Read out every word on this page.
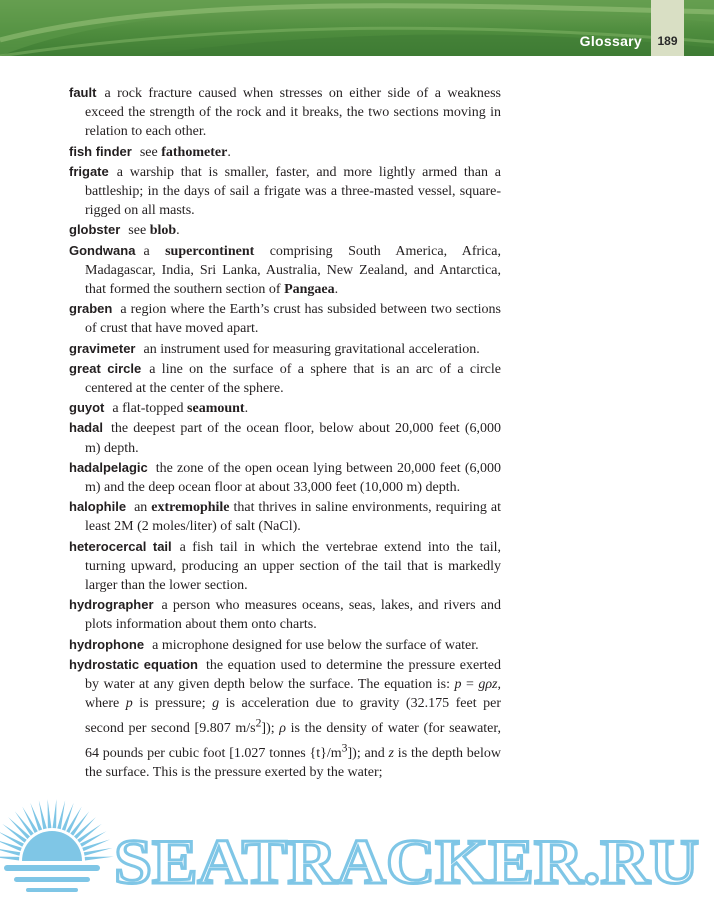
Glossary	189

fault a rock fracture caused when stresses on either side of a weakness exceed the strength of the rock and it breaks, the two sections moving in relation to each other.

fish finder see fathometer.

frigate a warship that is smaller, faster, and more lightly armed than a battleship; in the days of sail a frigate was a three-masted vessel, square-rigged on all masts.

globster see blob.

Gondwana a supercontinent comprising South America, Africa, Madagascar, India, Sri Lanka, Australia, New Zealand, and Antarctica, that formed the southern section of Pangaea.

graben a region where the Earth’s crust has subsided between two sections of crust that have moved apart.

gravimeter an instrument used for measuring gravitational acceleration.

great circle a line on the surface of a sphere that is an arc of a circle centered at the center of the sphere.

guyot a flat-topped seamount.

hadal the deepest part of the ocean floor, below about 20,000 feet (6,000 m) depth.

hadalpelagic the zone of the open ocean lying between 20,000 feet (6,000 m) and the deep ocean floor at about 33,000 feet (10,000 m) depth.

halophile an extremophile that thrives in saline environments, requiring at least 2M (2 moles/liter) of salt (NaCl).

heterocercal tail a fish tail in which the vertebrae extend into the tail, turning upward, producing an upper section of the tail that is markedly larger than the lower section.

hydrographer a person who measures oceans, seas, lakes, and rivers and plots information about them onto charts.

hydrophone a microphone designed for use below the surface of water.

hydrostatic equation the equation used to determine the pressure exerted by water at any given depth below the surface. The equation is: p = gρz, where p is pressure; g is acceleration due to gravity (32.175 feet per second per second [9.807 $m/s^2$]); ρ is the density of water (for seawater, 64 pounds per cubic foot [1.027 tonnes $\{t\}/m^3$]); and z is the depth below the surface. This is the pressure exerted by the water;

SEATRACKER.RU
